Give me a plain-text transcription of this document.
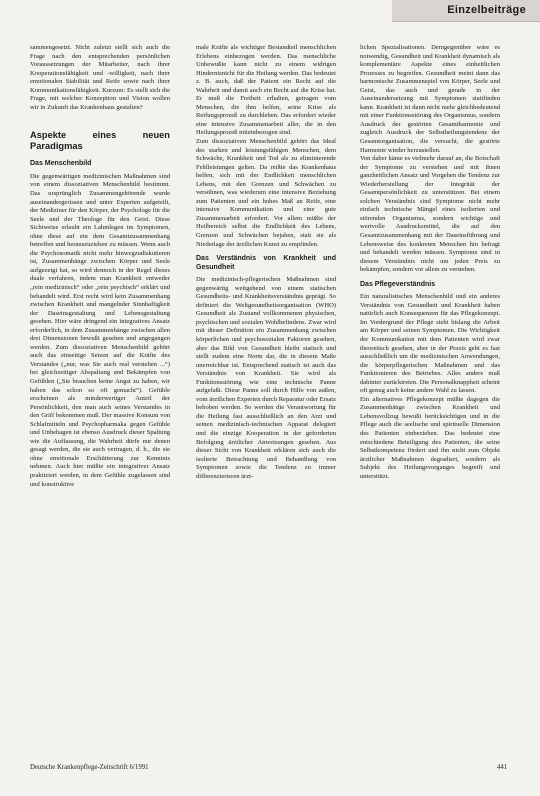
Einzelbeiträge

sammengesetzt. Nicht zuletzt stellt sich auch die Frage nach den entsprechenden persönlichen Voraussetzungen der Mitarbeiter, nach ihrer Kooperationsfähigkeit und -willigkeit, nach ihrer emotionalen Stabilität und Reife sowie nach ihrer Kommunikationsfähigkeit. Kurzum: Es stellt sich die Frage, mit welcher Konzeption und Vision wollen wir in Zukunft das Krankenhaus gestalten?

Aspekte eines neuen Paradigmas
Das Menschenbild

Die gegenwärtigen medizinischen Maßnahmen sind von einem dissoziativen Menschenbild bestimmt. Das ursprünglich Zusammengehörende wurde auseinandergerissen und unter Experten aufgeteilt, der Mediziner für den Körper, der Psychologe für die Seele und der Theologe für den Geist. Diese Sichtweise erlaubt ein Lahmlegen im Symptomen, ohne diese auf ein dem Gesamtzusammenhang betreffen und herauszuziehen zu müssen. Wenn auch die Psychosomatik nicht mehr hinwegzudiskutieren ist, Zusammenhänge zwischen Körper und Seele aufgezeigt hat, so wird dennoch in der Regel dieses duale verfahren, indem man Krankheit entweder „rein medizinisch“ oder „rein psychisch“ erklärt und behandelt wird. Erst recht wird kein Zusammenhang zwischen Krankheit und mangelnder Sinnhaftigkeit der Daseinsgestaltung und Lebensgestaltung gesehen. Hier wäre dringend ein integratives Ansatz erforderlich, in dem Zusammenhänge zwischen allen drei Dimensionen bewußt gesehen und angegangen werden. Zum dissoziativen Menschenbild gehört auch das einseitige Setzen auf die Kräfte des Verstandes („nur, was Sie auch real verstehen ...“) bei gleichzeitiger Abspaltung und Bekämpfen von Gefühlen („Sie brauchen keine Angst zu haben, wir haben das schon so oft gemacht“). Gefühle erscheinen als minderwertiger Anteil der Persönlichkeit, den man auch seines Verstandes in den Griff bekommen muß. Der massive Konsum von Schlafmitteln und Psychopharmaka gegen Gefühle und Unbehagen ist ebenso Ausdruck dieser Spaltung wie die Auffassung, die Wahrheit dürfe nur denen gesagt werden, die sie auch vertragen, d. h., die sie ohne emotionale Erschütterung zur Kenntnis nehmen. Auch hier müßte ein integrativer Ansatz praktiziert werden, in dem Gefühle zugelassen sind und konstruktive

male Kräfte als wichtiger Bestandteil menschlichen Erlebens einbezogen werden. Das menschliche Unbewußte kann nicht zu einem widrigen Hindernisnicht für die Heilung werden. Das bedeutet z. B. auch, daß der Patient ein Recht auf die Wahrheit und damit auch ein Recht auf die Krise hat. Er muß die Freiheit erhalten, getragen vom Menschen, die ihm helfen, seine Krise als Reifungsprozeß zu durchleben. Das erfordert wieder eine intensive Zusammenarbeit aller, die in den Heilungsprozeß miteinbezogen sind.

Zum dissoziativen Menschenbild gehört das Ideal des starken und leistungsfähigen Menschen, dem Schwäche, Krankheit und Tod als zu eliminierende Fehlleistungen gelten. Da reißte das Krankenhaus helfen, sich mit der Endlichkeit menschlichen Lebens, mit den Grenzen und Schwächen zu versöhnen, was wiederum eine intensive Beziehung zum Patienten und ein hohes Maß an Reife, eine intensive Kommunikation und eine gute Zusammenarbeit erfordert. Vor allem müßte der Heilbereich selbst die Endlichkeit des Lebens, Grenzen und Schwächen bejahen, statt sie als Niederlage der ärztlichen Kunst zu empfinden.

Das Verständnis von Krankheit und Gesundheit

Die medizinisch-pflegerischen Maßnahmen sind gegenwärtig weitgehend von einem statischen Gesundheits- und Krankheitsverständnis geprägt. So definiert die Weltgesundheitsorganisation (WHO) Gesundheit als Zustand vollkommenen physischen, psychischen und sozialen Wohlbefindens. Zwar wird mit dieser Definition ein Zusammenhang zwischen körperlichen und psychosozialen Faktoren gesehen, aber das Bild von Gesundheit bleibt statisch und stellt zudem eine Norm dar, die in diesem Maße unerreichbar ist. Entsprechend statisch ist auch das Verständnis von Krankheit. Sie wird als Funktionsstörung wie eine technische Panne aufgefaßt. Diese Panne soll durch Hilfe von außen, vom ärztlichen Experten durch Reparatur oder Ersatz behoben werden. So werden die Verantwortung für die Heilung fast ausschließlich an den Arzt und seinen medizinisch-technischen Apparat delegiert und die einzige Kooperation in der geforderten Befolgung ärztlicher Anweisungen gesehen. Aus dieser Sicht von Krankheit erklären sich auch die isolierte Betrachtung und Behandlung von Symptomen sowie die Tendenz zu immer differenzierteren ärzt-

lichen Spezialisationen. Demgegenüber wäre es notwendig, Gesundheit und Krankheit dynamisch als komplementäre Aspekte eines einheitlichen Prozesses zu begreifen. Gesundheit meint dann das harmonische Zusammenspiel von Körper, Seele und Geist, das auch und gerade in der Auseinandersetzung mit Symptomen stattfinden kann. Krankheit ist dann nicht mehr gleichbedeutend mit einer Funktionsstörung des Organismus, sondern Ausdruck der gestörten Gesamtharmonie und zugleich Ausdruck der Selbstheilungstendenz der Gesamtorganisation, die versucht, die gestörte Harmonie wieder herzustellen.

Von daher käme es vielmehr darauf an, die Botschaft der Symptome zu verstehen und mit ihnen ganzheitlichen Ansatz und Vorgehen die Tendenz zur Wiederherstellung der Integrität der Gesamtpersönlichkeit zu unterstützen. Bei einem solchen Verständnis sind Symptome nicht mehr einfach technische Mängel eines isolierten und störenden Organismus, sondern wichtige und wertvolle Ausdrucksmittel, die auf den Gesamtzusammenhang mit der Daseinsführung und Lebensweise des konkreten Menschen hin befragt und behandelt werden müssen. Symptome sind in diesem Verständnis nicht um jeden Preis zu bekämpfen, sondern vor allem zu verstehen.

Das Pflegeverständnis

Ein naturalistisches Menschenbild und ein anderes Verständnis von Gesundheit und Krankheit haben natürlich auch Konsequenzen für das Pflegekonzept. Im Vordergrund der Pflege steht bislang die Arbeit am Körper und seinen Symptomen. Die Wichtigkeit der Kommunikation mit dem Patienten wird zwar theoretisch gesehen, aber in der Praxis geht es fast ausschließlich um die medizinischen Anwendungen, die körperpflegerischen Maßnahmen und das Funktionieren des Betriebes. Alles andere muß dahinter zurücktreten. Die Personalknappheit scheint oft genug auch keine andere Wahl zu lassen.

Ein alternatives Pflegekonzept müßte dagegen die Zusammenhänge zwischen Krankheit und Lebensvollzug bewußt berücksichtigen und in die Pflege auch die seelische und spirituelle Dimension des Patienten einbeziehen. Das bedeutet eine entschiedene Beteiligung des Patienten, die seine Selbstkompetenz fördert und ihn nicht zum Objekt ärztlicher Maßnahmen degradiert, sondern als Subjekt des Heilungsvorganges begreift und unterstützt.

Deutsche Krankenpflege-Zeitschrift 6/1991	441
